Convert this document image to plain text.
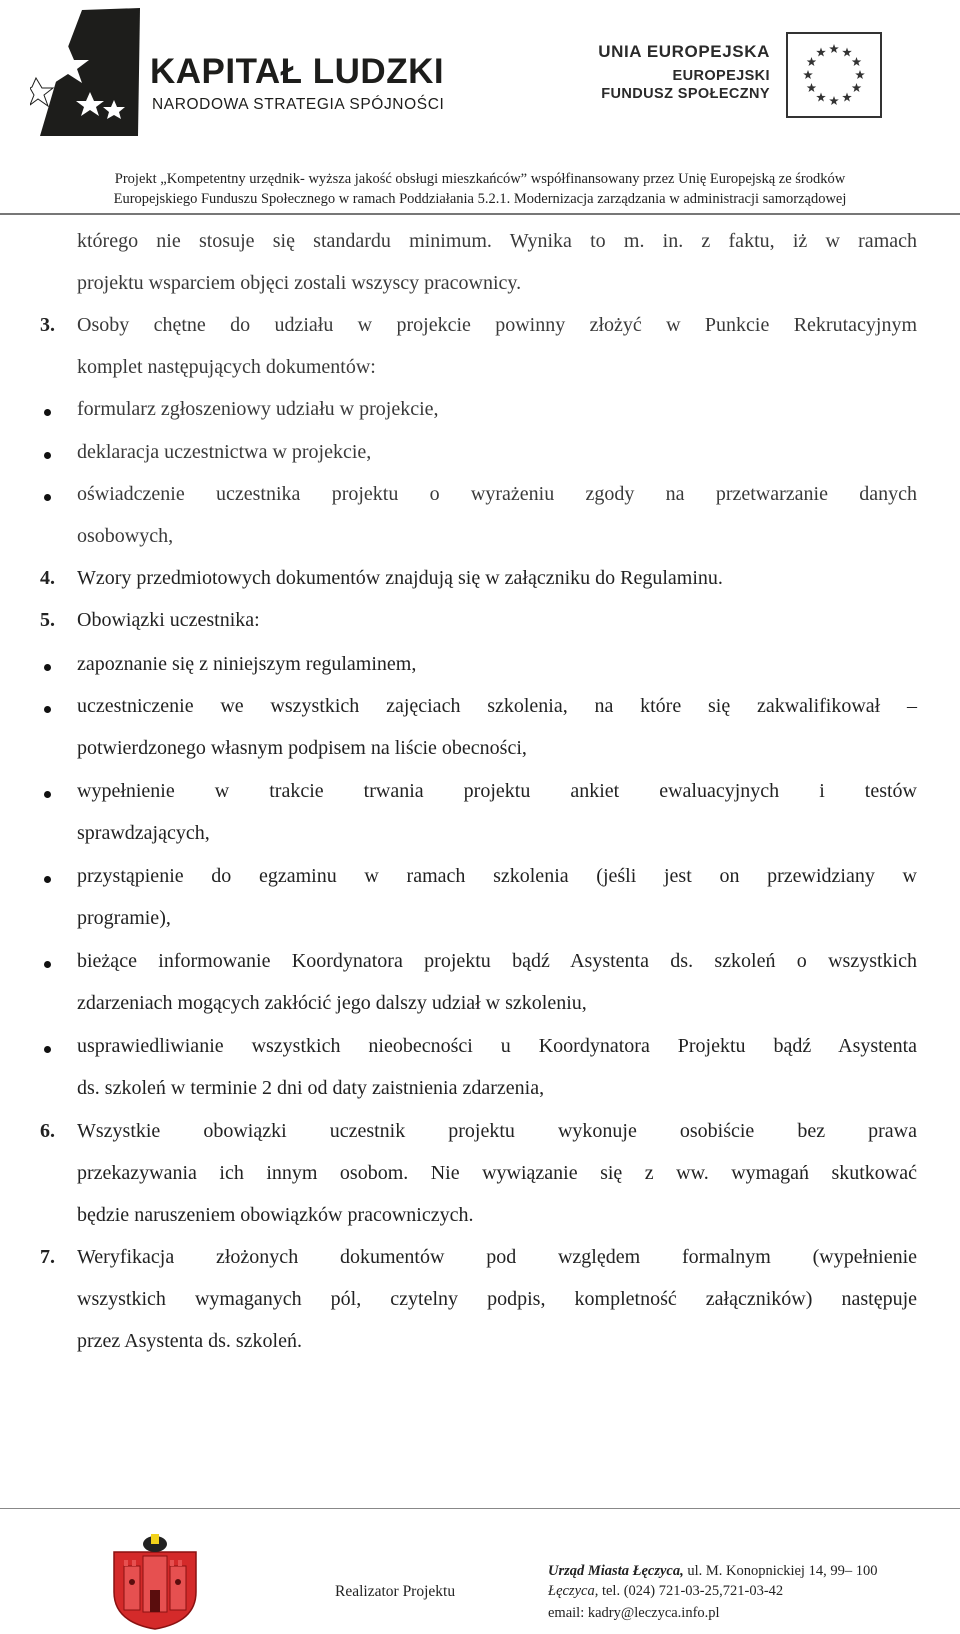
KAPITAŁ LUDZKI
NARODOWA STRATEGIA SPÓJNOŚCI
UNIA EUROPEJSKA
EUROPEJSKI
FUNDUSZ SPOŁECZNY
Projekt „Kompetentny urzędnik- wyższa jakość obsługi mieszkańców” współfinansowany przez Unię Europejską ze środków
Europejskiego Funduszu Społecznego w ramach Poddziałania 5.2.1. Modernizacja zarządzania w administracji samorządowej
którego nie stosuje się standardu minimum. Wynika to m. in. z faktu, iż w ramach
projektu wsparciem objęci zostali wszyscy pracownicy.
3. Osoby chętne do udziału w projekcie powinny złożyć w Punkcie Rekrutacyjnym
komplet następujących dokumentów:
formularz zgłoszeniowy udziału w projekcie,
deklaracja uczestnictwa w projekcie,
oświadczenie uczestnika projektu o wyrażeniu zgody na przetwarzanie danych
osobowych,
4. Wzory przedmiotowych dokumentów znajdują się w załączniku do Regulaminu.
5. Obowiązki uczestnika:
zapoznanie się z niniejszym regulaminem,
uczestniczenie we wszystkich zajęciach szkolenia, na które się zakwalifikował –
potwierdzonego własnym podpisem na liście obecności,
wypełnienie w trakcie trwania projektu ankiet ewaluacyjnych i testów
sprawdzających,
przystąpienie do egzaminu w ramach szkolenia (jeśli jest on przewidziany w
programie),
bieżące informowanie Koordynatora projektu bądź Asystenta ds. szkoleń o wszystkich
zdarzeniach mogących zakłócić jego dalszy udział w szkoleniu,
usprawiedliwianie wszystkich nieobecności u Koordynatora Projektu bądź Asystenta
ds. szkoleń w terminie 2 dni od daty zaistnienia zdarzenia,
6. Wszystkie obowiązki uczestnik projektu wykonuje osobiście bez prawa
przekazywania ich innym osobom. Nie wywiązanie się z ww. wymagań skutkować
będzie naruszeniem obowiązków pracowniczych.
7. Weryfikacja złożonych dokumentów pod względem formalnym (wypełnienie
wszystkich wymaganych pól, czytelny podpis, kompletność załączników) następuje
przez Asystenta ds. szkoleń.
Realizator Projektu
Urząd Miasta Łęczyca, ul. M. Konopnickiej 14, 99– 100
Łęczyca, tel. (024) 721-03-25,721-03-42
email: kadry@leczyca.info.pl
